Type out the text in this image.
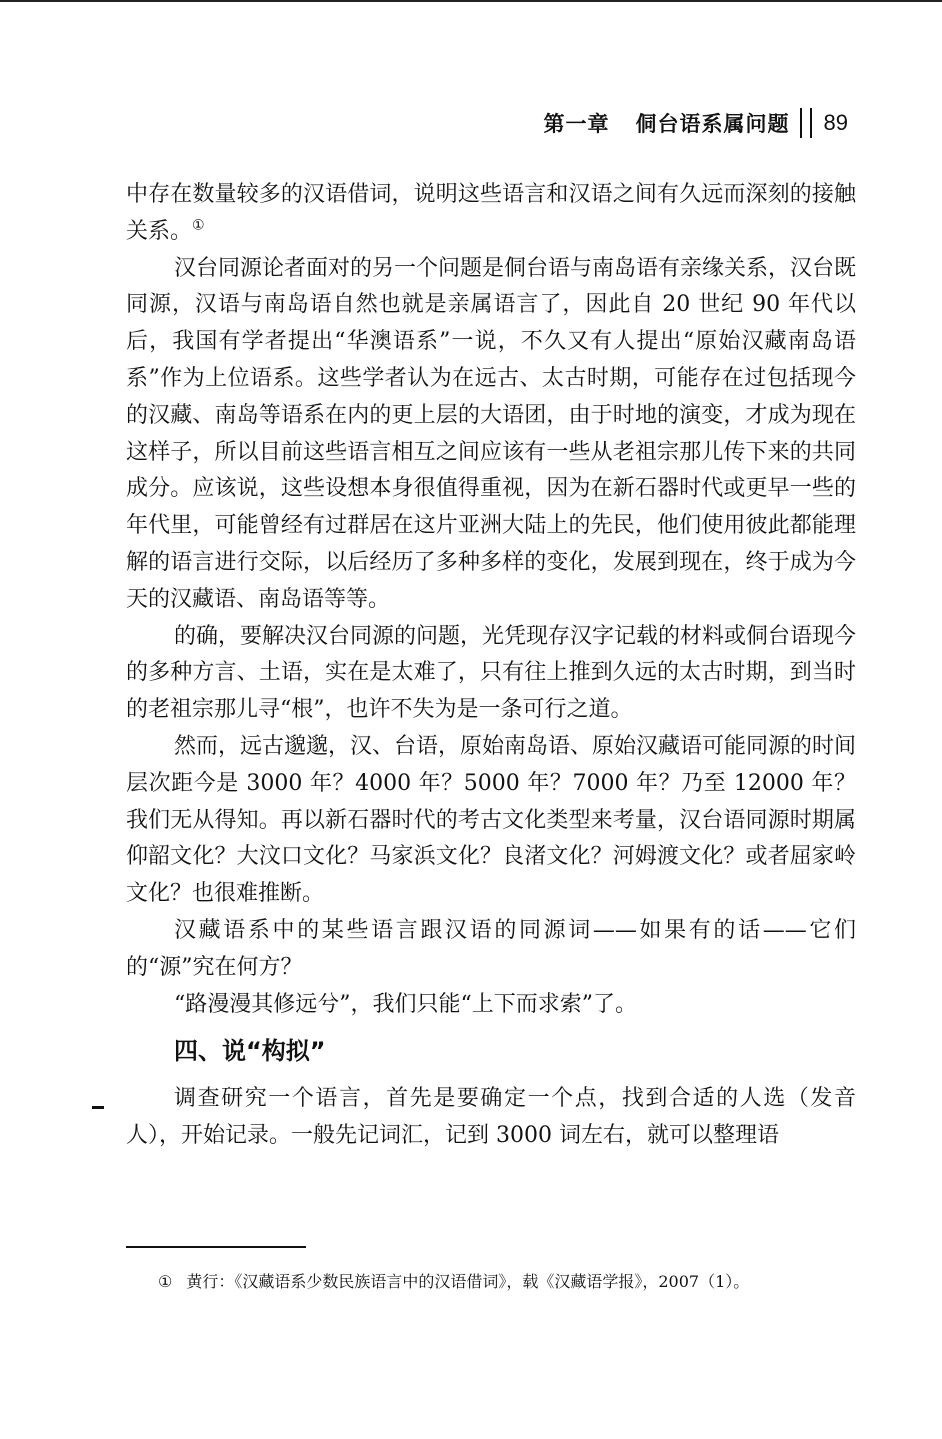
第一章 侗台语系属问题 89

中存在数量较多的汉语借词，说明这些语言和汉语之间有久远而深刻的接触关系。①

汉台同源论者面对的另一个问题是侗台语与南岛语有亲缘关系，汉台既同源，汉语与南岛语自然也就是亲属语言了，因此自 20 世纪 90 年代以后，我国有学者提出“华澳语系”一说，不久又有人提出“原始汉藏南岛语系”作为上位语系。这些学者认为在远古、太古时期，可能存在过包括现今的汉藏、南岛等语系在内的更上层的大语团，由于时地的演变，才成为现在这样子，所以目前这些语言相互之间应该有一些从老祖宗那儿传下来的共同成分。应该说，这些设想本身很值得重视，因为在新石器时代或更早一些的年代里，可能曾经有过群居在这片亚洲大陆上的先民，他们使用彼此都能理解的语言进行交际，以后经历了多种多样的变化，发展到现在，终于成为今天的汉藏语、南岛语等等。

的确，要解决汉台同源的问题，光凭现存汉字记载的材料或侗台语现今的多种方言、土语，实在是太难了，只有往上推到久远的太古时期，到当时的老祖宗那儿寻“根”，也许不失为是一条可行之道。

然而，远古邈邈，汉、台语，原始南岛语、原始汉藏语可能同源的时间层次距今是 3000 年？4000 年？5000 年？7000 年？乃至 12000 年？我们无从得知。再以新石器时代的考古文化类型来考量，汉台语同源时期属仰韶文化？大汶口文化？马家浜文化？良渚文化？河姆渡文化？或者屈家岭文化？也很难推断。

汉藏语系中的某些语言跟汉语的同源词——如果有的话——它们的“源”究在何方？

“路漫漫其修远兮”，我们只能“上下而求索”了。

四、说“构拟”

调查研究一个语言，首先是要确定一个点，找到合适的人选（发音人），开始记录。一般先记词汇，记到 3000 词左右，就可以整理语

① 黄行：《汉藏语系少数民族语言中的汉语借词》，载《汉藏语学报》，2007（1）。
